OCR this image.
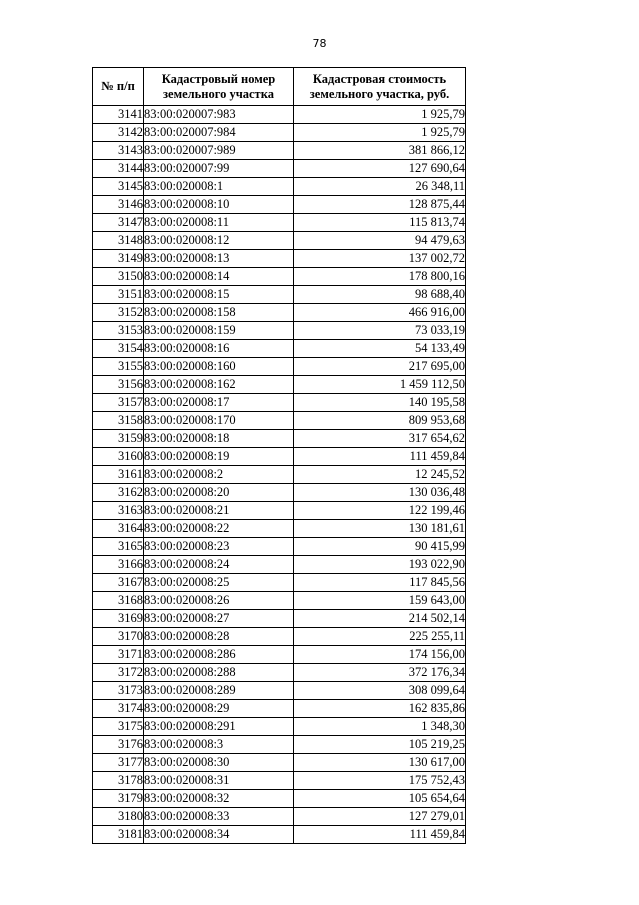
78
№ п/п	Кадастровый номер земельного участка	Кадастровая стоимость земельного участка, руб.
3141	83:00:020007:983	1 925,79
3142	83:00:020007:984	1 925,79
3143	83:00:020007:989	381 866,12
3144	83:00:020007:99	127 690,64
3145	83:00:020008:1	26 348,11
3146	83:00:020008:10	128 875,44
3147	83:00:020008:11	115 813,74
3148	83:00:020008:12	94 479,63
3149	83:00:020008:13	137 002,72
3150	83:00:020008:14	178 800,16
3151	83:00:020008:15	98 688,40
3152	83:00:020008:158	466 916,00
3153	83:00:020008:159	73 033,19
3154	83:00:020008:16	54 133,49
3155	83:00:020008:160	217 695,00
3156	83:00:020008:162	1 459 112,50
3157	83:00:020008:17	140 195,58
3158	83:00:020008:170	809 953,68
3159	83:00:020008:18	317 654,62
3160	83:00:020008:19	111 459,84
3161	83:00:020008:2	12 245,52
3162	83:00:020008:20	130 036,48
3163	83:00:020008:21	122 199,46
3164	83:00:020008:22	130 181,61
3165	83:00:020008:23	90 415,99
3166	83:00:020008:24	193 022,90
3167	83:00:020008:25	117 845,56
3168	83:00:020008:26	159 643,00
3169	83:00:020008:27	214 502,14
3170	83:00:020008:28	225 255,11
3171	83:00:020008:286	174 156,00
3172	83:00:020008:288	372 176,34
3173	83:00:020008:289	308 099,64
3174	83:00:020008:29	162 835,86
3175	83:00:020008:291	1 348,30
3176	83:00:020008:3	105 219,25
3177	83:00:020008:30	130 617,00
3178	83:00:020008:31	175 752,43
3179	83:00:020008:32	105 654,64
3180	83:00:020008:33	127 279,01
3181	83:00:020008:34	111 459,84
